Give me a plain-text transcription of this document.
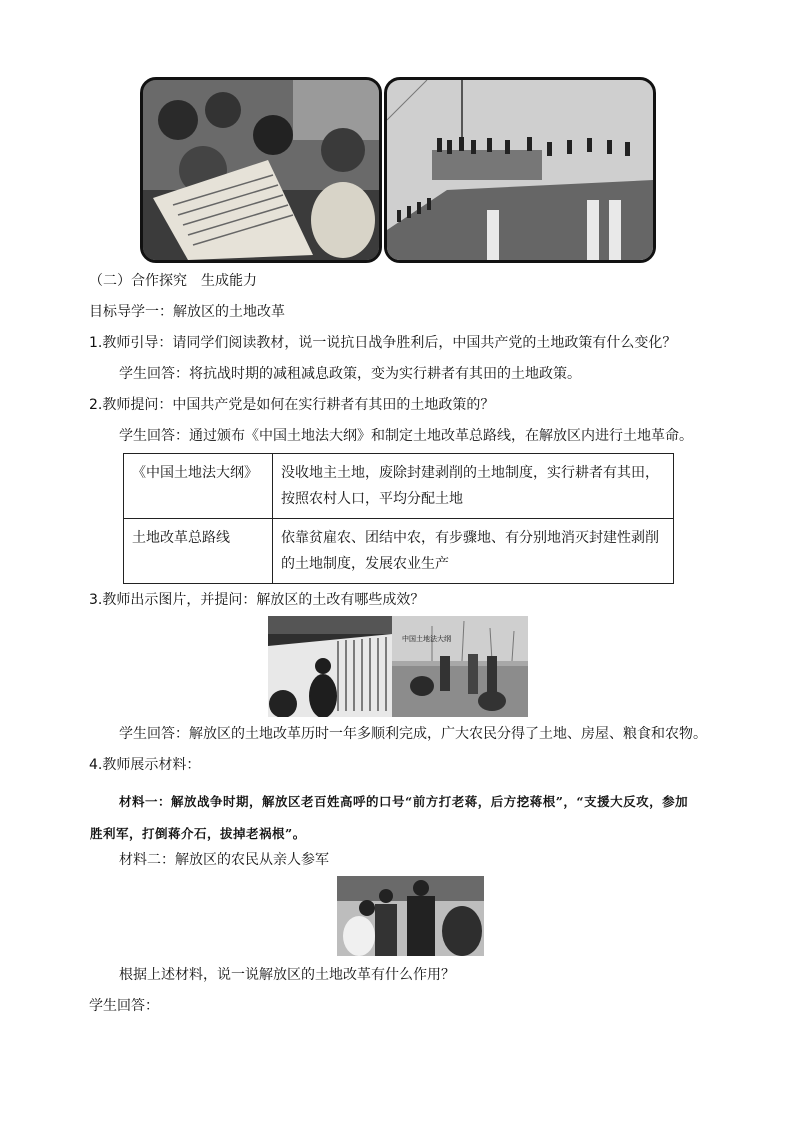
（二）合作探究　生成能力
目标导学一：解放区的土地改革
1.教师引导：请同学们阅读教材，说一说抗日战争胜利后，中国共产党的土地政策有什么变化？
学生回答：将抗战时期的减租减息政策，变为实行耕者有其田的土地政策。
2.教师提问：中国共产党是如何在实行耕者有其田的土地政策的？
学生回答：通过颁布《中国土地法大纲》和制定土地改革总路线，在解放区内进行土地革命。
《中国土地法大纲》	没收地主土地，废除封建剥削的土地制度，实行耕者有其田，按照农村人口，平均分配土地
土地改革总路线	依靠贫雇农、团结中农，有步骤地、有分别地消灭封建性剥削的土地制度，发展农业生产
3.教师出示图片，并提问：解放区的土改有哪些成效？
中国土地法大纲
学生回答：解放区的土地改革历时一年多顺利完成，广大农民分得了土地、房屋、粮食和农物。
4.教师展示材料：
材料一：解放战争时期，解放区老百姓高呼的口号“前方打老蒋，后方挖蒋根”，“支援大反攻，参加胜利军，打倒蒋介石，拔掉老祸根”。
材料二：解放区的农民从亲人参军
根据上述材料，说一说解放区的土地改革有什么作用？
学生回答：
